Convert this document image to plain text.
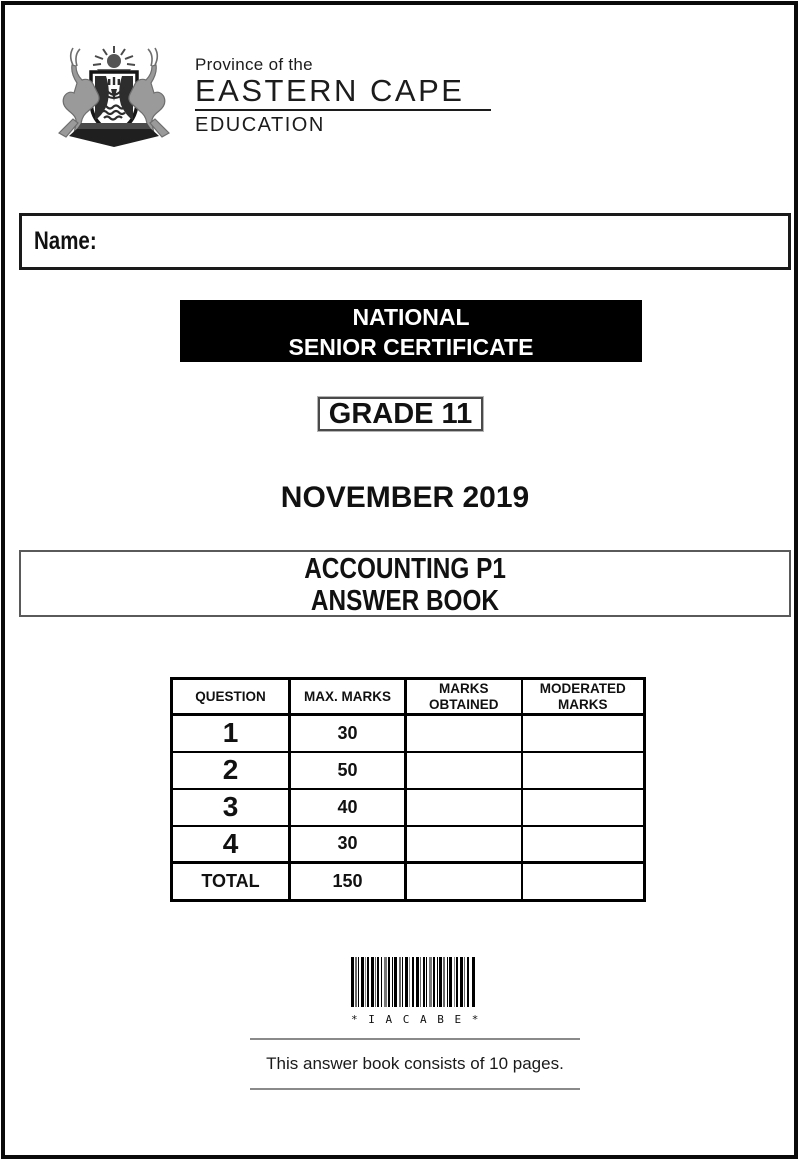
Province of the
EASTERN CAPE
EDUCATION
Name:
NATIONAL
SENIOR CERTIFICATE
GRADE 11
NOVEMBER 2019
ACCOUNTING P1
ANSWER BOOK
QUESTION	MAX. MARKS	MARKS OBTAINED	MODERATED MARKS
1	30		
2	50		
3	40		
4	30		
TOTAL	150		
* I A C A B E *
This answer book consists of 10 pages.
